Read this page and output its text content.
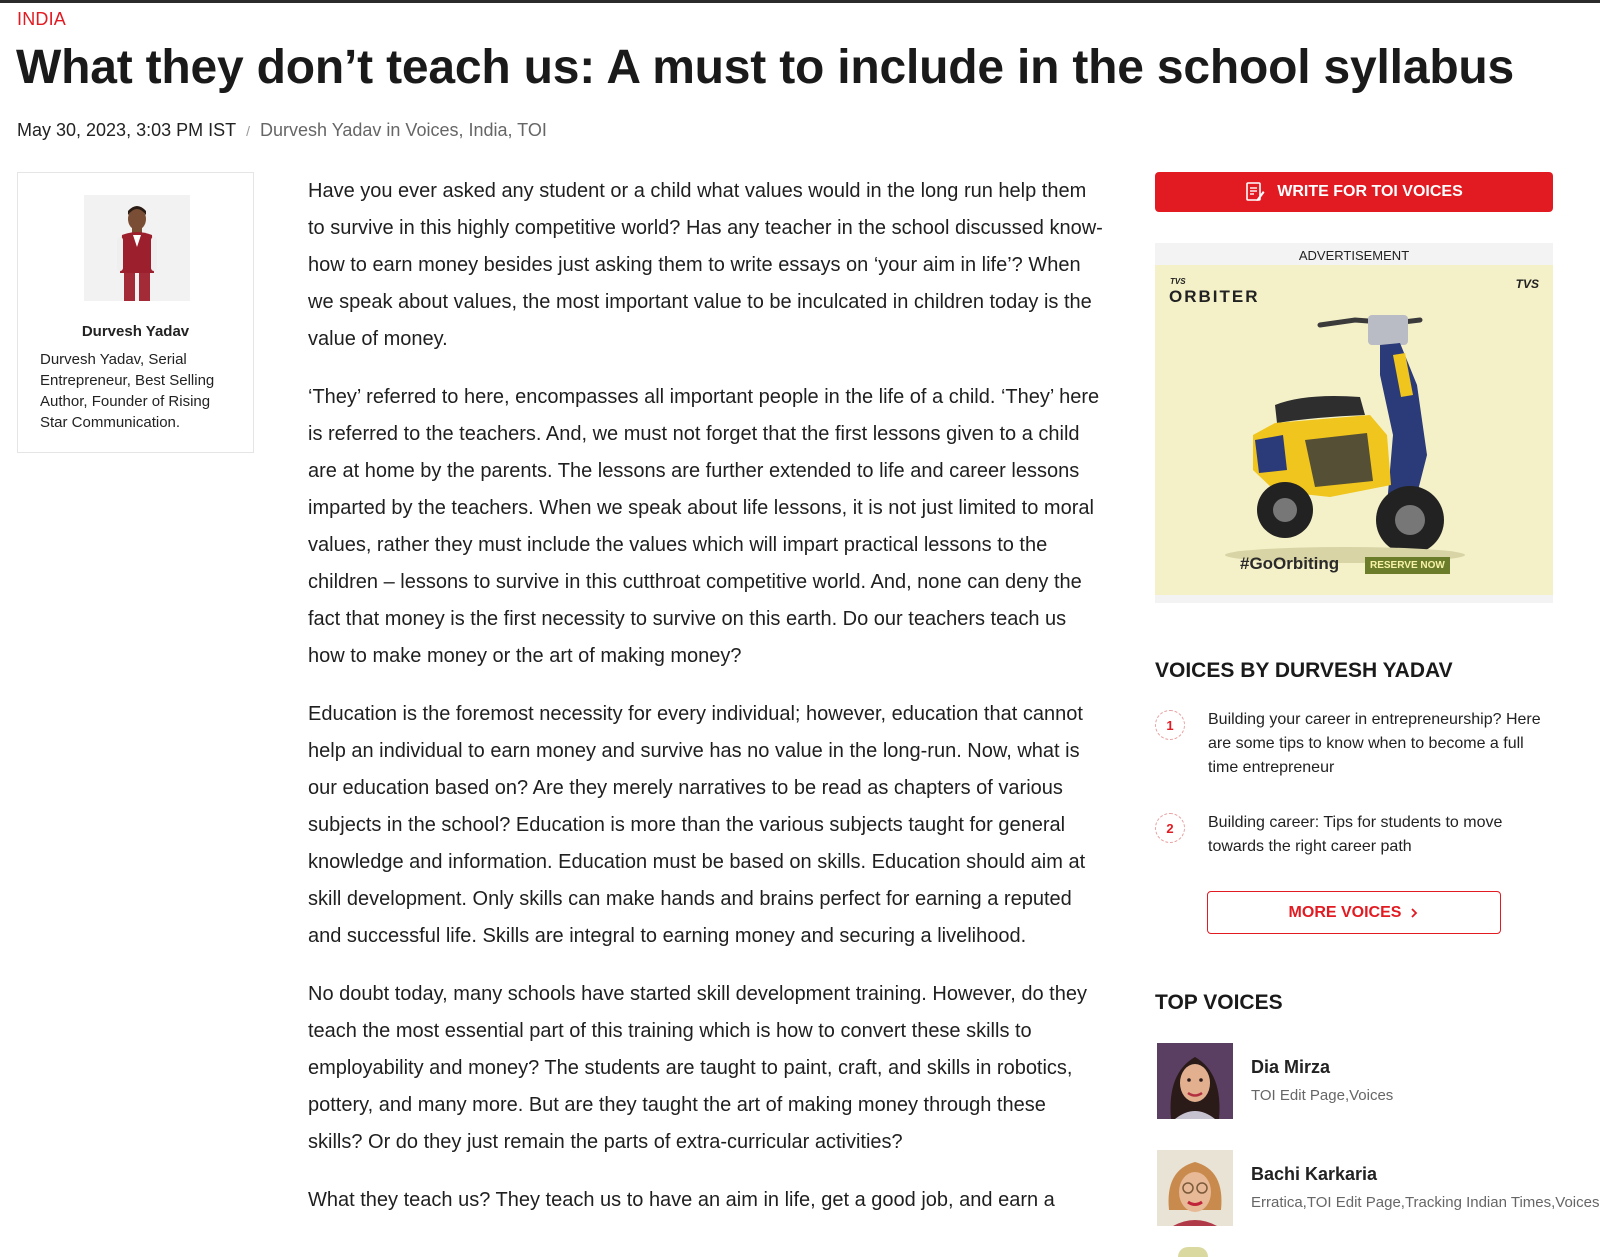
INDIA
What they don’t teach us: A must to include in the school syllabus
May 30, 2023, 3:03 PM IST / Durvesh Yadav in Voices, India, TOI
Durvesh Yadav
Durvesh Yadav, Serial Entrepreneur, Best Selling Author, Founder of Rising Star Communication.

Have you ever asked any student or a child what values would in the long run help them to survive in this highly competitive world? Has any teacher in the school discussed know-how to earn money besides just asking them to write essays on ‘your aim in life’? When we speak about values, the most important value to be inculcated in children today is the value of money.

‘They’ referred to here, encompasses all important people in the life of a child. ‘They’ here is referred to the teachers. And, we must not forget that the first lessons given to a child are at home by the parents. The lessons are further extended to life and career lessons imparted by the teachers. When we speak about life lessons, it is not just limited to moral values, rather they must include the values which will impart practical lessons to the children – lessons to survive in this cutthroat competitive world. And, none can deny the fact that money is the first necessity to survive on this earth. Do our teachers teach us how to make money or the art of making money?

Education is the foremost necessity for every individual; however, education that cannot help an individual to earn money and survive has no value in the long-run. Now, what is our education based on? Are they merely narratives to be read as chapters of various subjects in the school? Education is more than the various subjects taught for general knowledge and information. Education must be based on skills. Education should aim at skill development. Only skills can make hands and brains perfect for earning a reputed and successful life. Skills are integral to earning money and securing a livelihood.

No doubt today, many schools have started skill development training. However, do they teach the most essential part of this training which is how to convert these skills to employability and money? The students are taught to paint, craft, and skills in robotics, pottery, and many more. But are they taught the art of making money through these skills? Or do they just remain the parts of extra-curricular activities?

What they teach us? They teach us to have an aim in life, get a good job, and earn a

WRITE FOR TOI VOICES
ADVERTISEMENT
TVS
ORBITER
TVS
#GoOrbiting	RESERVE NOW
VOICES BY DURVESH YADAV
1	Building your career in entrepreneurship? Here are some tips to know when to become a full time entrepreneur
2	Building career: Tips for students to move towards the right career path
MORE VOICES
TOP VOICES
Dia Mirza
TOI Edit Page,Voices
Bachi Karkaria
Erratica,TOI Edit Page,Tracking Indian Times,Voices
